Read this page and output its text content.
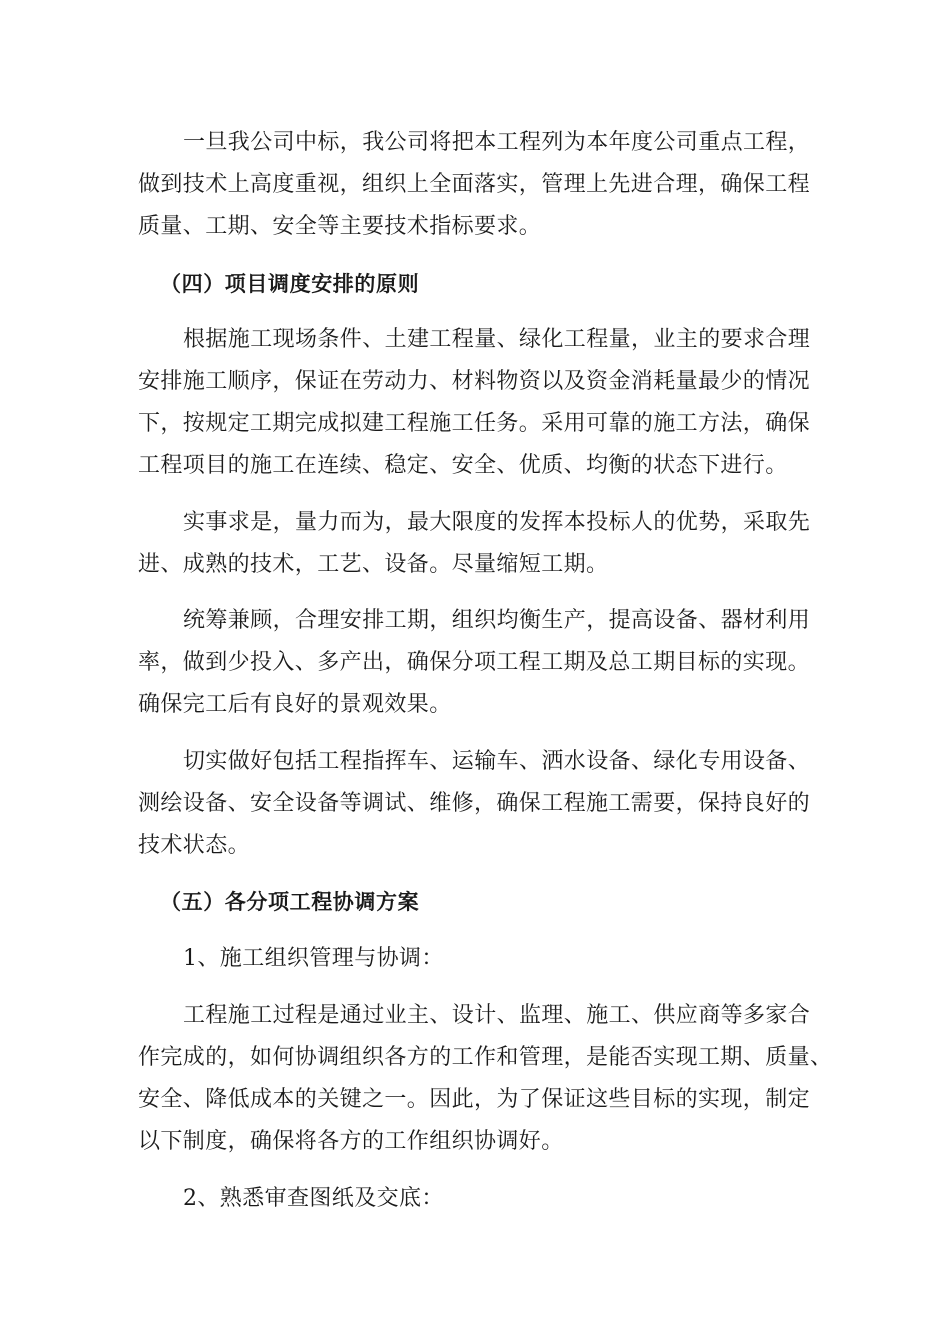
一旦我公司中标，我公司将把本工程列为本年度公司重点工程，
做到技术上高度重视，组织上全面落实，管理上先进合理，确保工程
质量、工期、安全等主要技术指标要求。
（四）项目调度安排的原则
根据施工现场条件、土建工程量、绿化工程量，业主的要求合理
安排施工顺序，保证在劳动力、材料物资以及资金消耗量最少的情况
下，按规定工期完成拟建工程施工任务。采用可靠的施工方法，确保
工程项目的施工在连续、稳定、安全、优质、均衡的状态下进行。
实事求是，量力而为，最大限度的发挥本投标人的优势，采取先
进、成熟的技术，工艺、设备。尽量缩短工期。
统筹兼顾，合理安排工期，组织均衡生产，提高设备、器材利用
率，做到少投入、多产出，确保分项工程工期及总工期目标的实现。
确保完工后有良好的景观效果。
切实做好包括工程指挥车、运输车、洒水设备、绿化专用设备、
测绘设备、安全设备等调试、维修，确保工程施工需要，保持良好的
技术状态。
（五）各分项工程协调方案
1、施工组织管理与协调：
工程施工过程是通过业主、设计、监理、施工、供应商等多家合
作完成的，如何协调组织各方的工作和管理，是能否实现工期、质量、
安全、降低成本的关键之一。因此，为了保证这些目标的实现，制定
以下制度，确保将各方的工作组织协调好。
2、熟悉审查图纸及交底：
